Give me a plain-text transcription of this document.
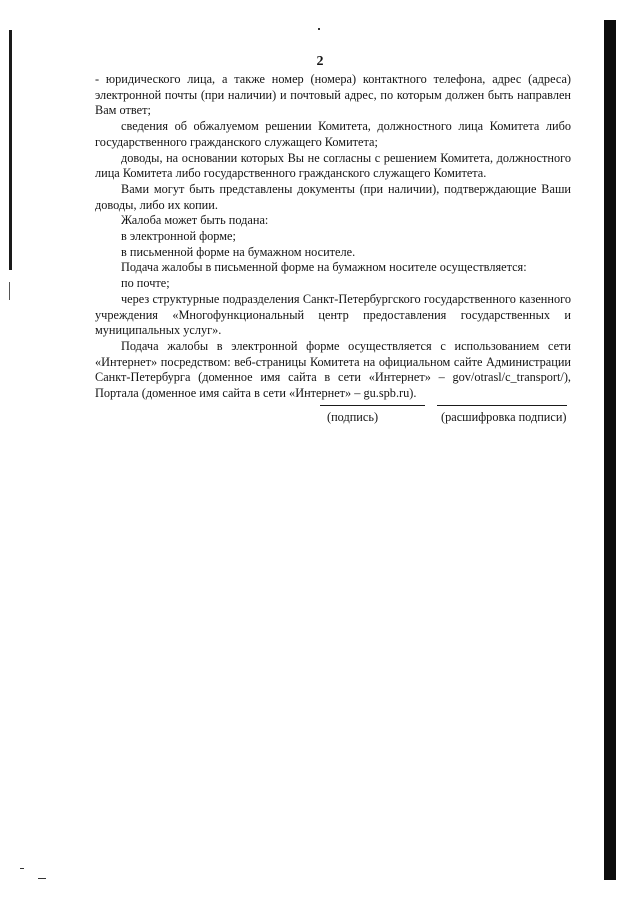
2

- юридического лица, а также номер (номера) контактного телефона, адрес (адреса) электронной почты (при наличии) и почтовый адрес, по которым должен быть направлен Вам ответ;

сведения об обжалуемом решении Комитета, должностного лица Комитета либо государственного гражданского служащего Комитета;

доводы, на основании которых Вы не согласны с решением Комитета, должностного лица Комитета либо государственного гражданского служащего Комитета.

Вами могут быть представлены документы (при наличии), подтверждающие Ваши доводы, либо их копии.

Жалоба может быть подана:

в электронной форме;

в письменной форме на бумажном носителе.

Подача жалобы в письменной форме на бумажном носителе осуществляется:

по почте;

через структурные подразделения Санкт-Петербургского государственного казенного учреждения «Многофункциональный центр предоставления государственных и муниципальных услуг».

Подача жалобы в электронной форме осуществляется с использованием сети «Интернет» посредством: веб-страницы Комитета на официальном сайте Администрации Санкт-Петербурга (доменное имя сайта в сети «Интернет» – gov/otrasl/c_transport/), Портала (доменное имя сайта в сети «Интернет» – gu.spb.ru).

(подпись)	(расшифровка подписи)
